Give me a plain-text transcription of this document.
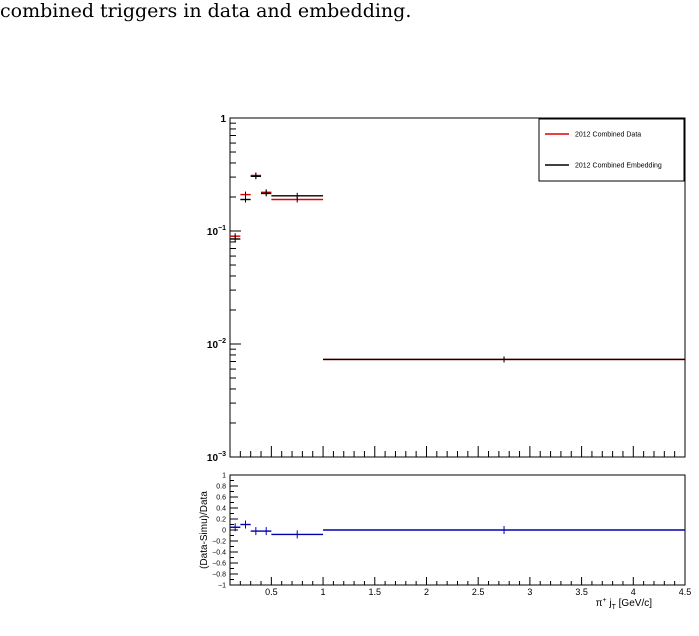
combined triggers in data and embedding.
1
$10^{-1}$
$10^{-2}$
$10^{-3}$
2012 Combined Data
2012 Combined Embedding
1
0.8
0.6
0.4
0.2
0
−0.2
−0.4
−0.6
−0.8
−1
0.5	1	1.5	2	2.5	3	3.5	4	4.5
(Data-Simu)/Data
π+ $j_T$ [GeV/c]
